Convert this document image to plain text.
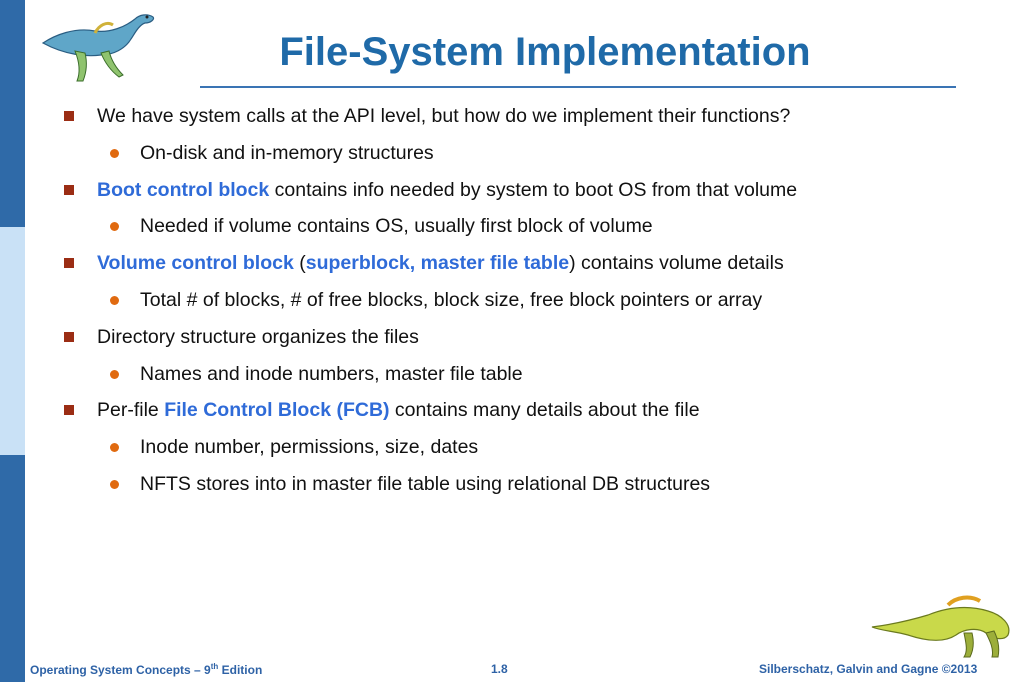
File-System Implementation
We have system calls at the API level, but how do we implement their functions?
On-disk and in-memory structures
Boot control block contains info needed by system to boot OS from that volume
Needed if volume contains OS, usually first block of volume
Volume control block (superblock, master file table) contains volume details
Total # of blocks, # of free blocks, block size, free block pointers or array
Directory structure organizes the files
Names and inode numbers, master file table
Per-file File Control Block (FCB) contains many details about the file
Inode number, permissions, size, dates
NFTS stores into in master file table using relational DB structures
Operating System Concepts – 9th Edition	1.8	Silberschatz, Galvin and Gagne ©2013
